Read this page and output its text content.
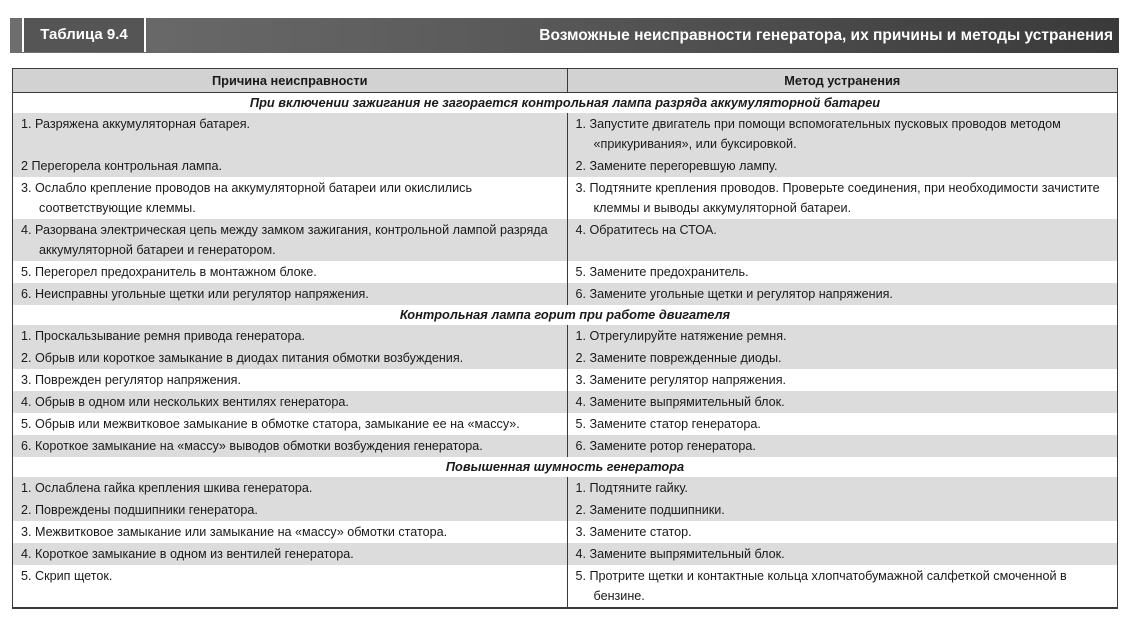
Таблица 9.4	Возможные неисправности генератора, их причины и методы устранения
Причина неисправности	Метод устранения
При включении зажигания не загорается контрольная лампа разряда аккумуляторной батареи	

1. Разряжена аккумуляторная батарея.	1. Запустите двигатель при помощи вспомогательных пусковых проводов методом «прикуривания», или буксировкой.

2 Перегорела контрольная лампа.	2. Замените перегоревшую лампу.

3. Ослабло крепление проводов на аккумуляторной батареи или окислились соответствующие клеммы.	3. Подтяните крепления проводов. Проверьте соединения, при необходимости зачистите клеммы и выводы аккумуляторной батареи.

4. Разорвана электрическая цепь между замком зажигания, контрольной лампой разряда аккумуляторной батареи и генератором.	4. Обратитесь на СТОА.

5. Перегорел предохранитель в монтажном блоке.	5. Замените предохранитель.

6. Неисправны угольные щетки или регулятор напряжения.	6. Замените угольные щетки и регулятор напряжения.

Контрольная лампа горит при работе двигателя	

1. Проскальзывание ремня привода генератора.	1. Отрегулируйте натяжение ремня.

2. Обрыв или короткое замыкание в диодах питания обмотки возбуждения.	2. Замените поврежденные диоды.

3. Поврежден регулятор напряжения.	3. Замените регулятор напряжения.

4. Обрыв в одном или нескольких вентилях генератора.	4. Замените выпрямительный блок.

5. Обрыв или межвитковое замыкание в обмотке статора, замыкание ее на «массу».	5. Замените статор генератора.

6. Короткое замыкание на «массу» выводов обмотки возбуждения генератора.	6. Замените ротор генератора.

Повышенная шумность генератора	

1. Ослаблена гайка крепления шкива генератора.	1. Подтяните гайку.

2. Повреждены подшипники генератора.	2. Замените подшипники.

3. Межвитковое замыкание или замыкание на «массу» обмотки статора.	3. Замените статор.

4. Короткое замыкание в одном из вентилей генератора.	4. Замените выпрямительный блок.

5. Скрип щеток.	5. Протрите щетки и контактные кольца хлопчатобумажной салфеткой смоченной в бензине.
